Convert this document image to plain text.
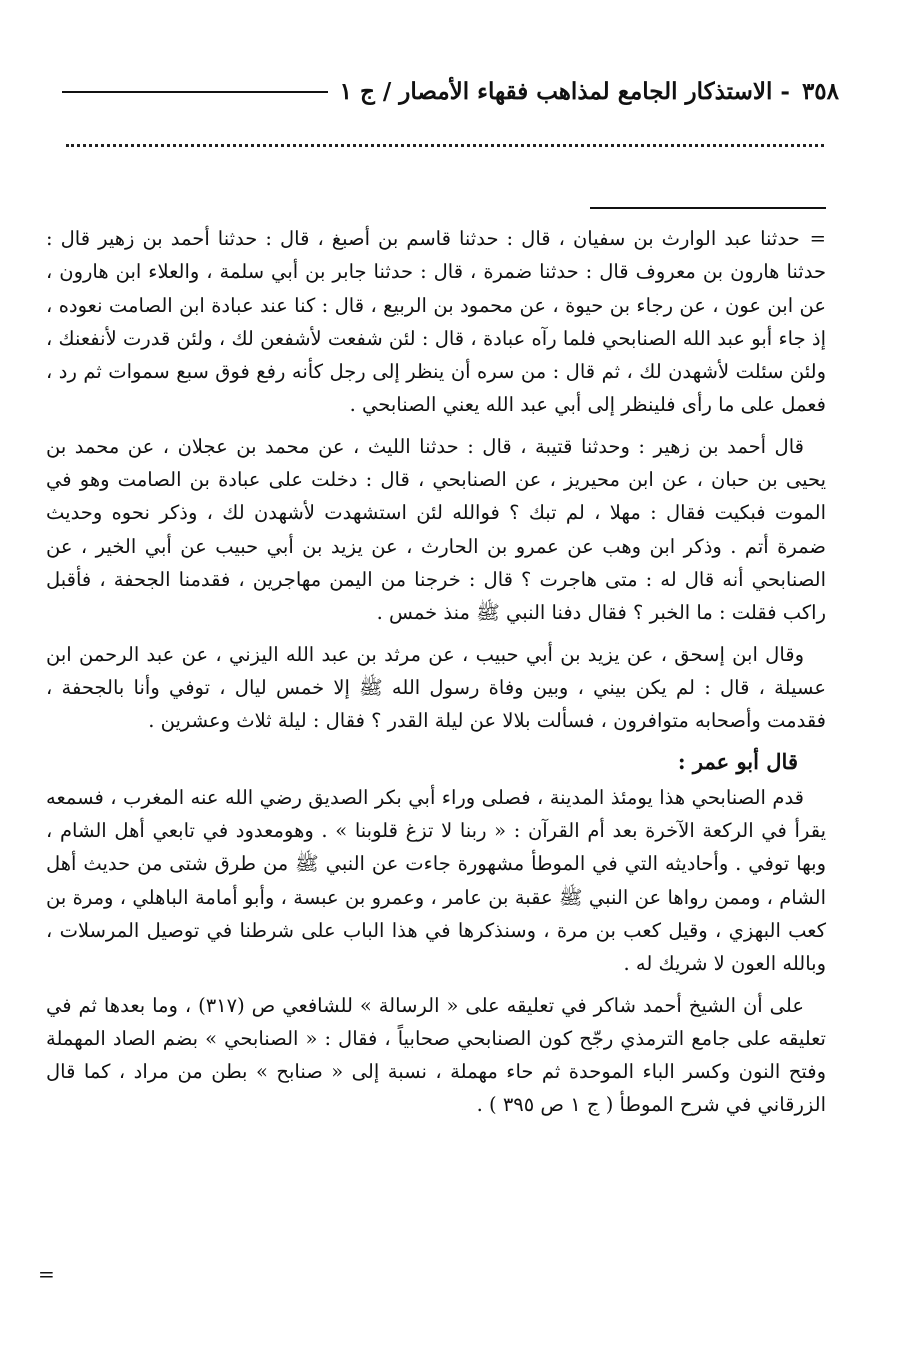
٣٥٨
- الاستذكار الجامع لمذاهب فقهاء الأمصار / ج ١

=حدثنا عبد الوارث بن سفيان ، قال : حدثنا قاسم بن أصبغ ، قال : حدثنا أحمد بن زهير قال : حدثنا هارون بن معروف قال : حدثنا ضمرة ، قال : حدثنا جابر بن أبي سلمة ، والعلاء ابن هارون ، عن ابن عون ، عن رجاء بن حيوة ، عن محمود بن الربيع ، قال : كنا عند عبادة ابن الصامت نعوده ، إذ جاء أبو عبد الله الصنابحي فلما رآه عبادة ، قال : لئن شفعت لأشفعن لك ، ولئن قدرت لأنفعنك ، ولئن سئلت لأشهدن لك ، ثم قال : من سره أن ينظر إلى رجل كأنه رفع فوق سبع سموات ثم رد ، فعمل على ما رأى فلينظر إلى أبي عبد الله يعني الصنابحي .

قال أحمد بن زهير : وحدثنا قتيبة ، قال : حدثنا الليث ، عن محمد بن عجلان ، عن محمد بن يحيى بن حبان ، عن ابن محيريز ، عن الصنابحي ، قال : دخلت على عبادة بن الصامت وهو في الموت فبكيت فقال : مهلا ، لم تبك ؟ فوالله لئن استشهدت لأشهدن لك ، وذكر نحوه وحديث ضمرة أتم . وذكر ابن وهب عن عمرو بن الحارث ، عن يزيد بن أبي حبيب عن أبي الخير ، عن الصنابحي أنه قال له : متى هاجرت ؟ قال : خرجنا من اليمن مهاجرين ، فقدمنا الجحفة ، فأقبل راكب فقلت : ما الخبر ؟ فقال دفنا النبي ﷺ منذ خمس .

وقال ابن إسحق ، عن يزيد بن أبي حبيب ، عن مرثد بن عبد الله اليزني ، عن عبد الرحمن ابن عسيلة ، قال : لم يكن بيني ، وبين وفاة رسول الله ﷺ إلا خمس ليال ، توفي وأنا بالجحفة ، فقدمت وأصحابه متوافرون ، فسألت بلالا عن ليلة القدر ؟ فقال : ليلة ثلاث وعشرين .

قال أبو عمر :

قدم الصنابحي هذا يومئذ المدينة ، فصلى وراء أبي بكر الصديق رضي الله عنه المغرب ، فسمعه يقرأ في الركعة الآخرة بعد أم القرآن : « ربنا لا تزغ قلوبنا » . وهومعدود في تابعي أهل الشام ، وبها توفي . وأحاديثه التي في الموطأ مشهورة جاءت عن النبي ﷺ من طرق شتى من حديث أهل الشام ، وممن رواها عن النبي ﷺ عقبة بن عامر ، وعمرو بن عبسة ، وأبو أمامة الباهلي ، ومرة بن كعب البهزي ، وقيل كعب بن مرة ، وسنذكرها في هذا الباب على شرطنا في توصيل المرسلات ، وبالله العون لا شريك له .

على أن الشيخ أحمد شاكر في تعليقه على « الرسالة » للشافعي ص (٣١٧) ، وما بعدها ثم في تعليقه على جامع الترمذي رجّح كون الصنابحي صحابياً ، فقال : « الصنابحي » بضم الصاد المهملة وفتح النون وكسر الباء الموحدة ثم حاء مهملة ، نسبة إلى « صنابح » بطن من مراد ، كما قال الزرقاني في شرح الموطأ ( ج ١ ص ٣٩٥ ) .

=
